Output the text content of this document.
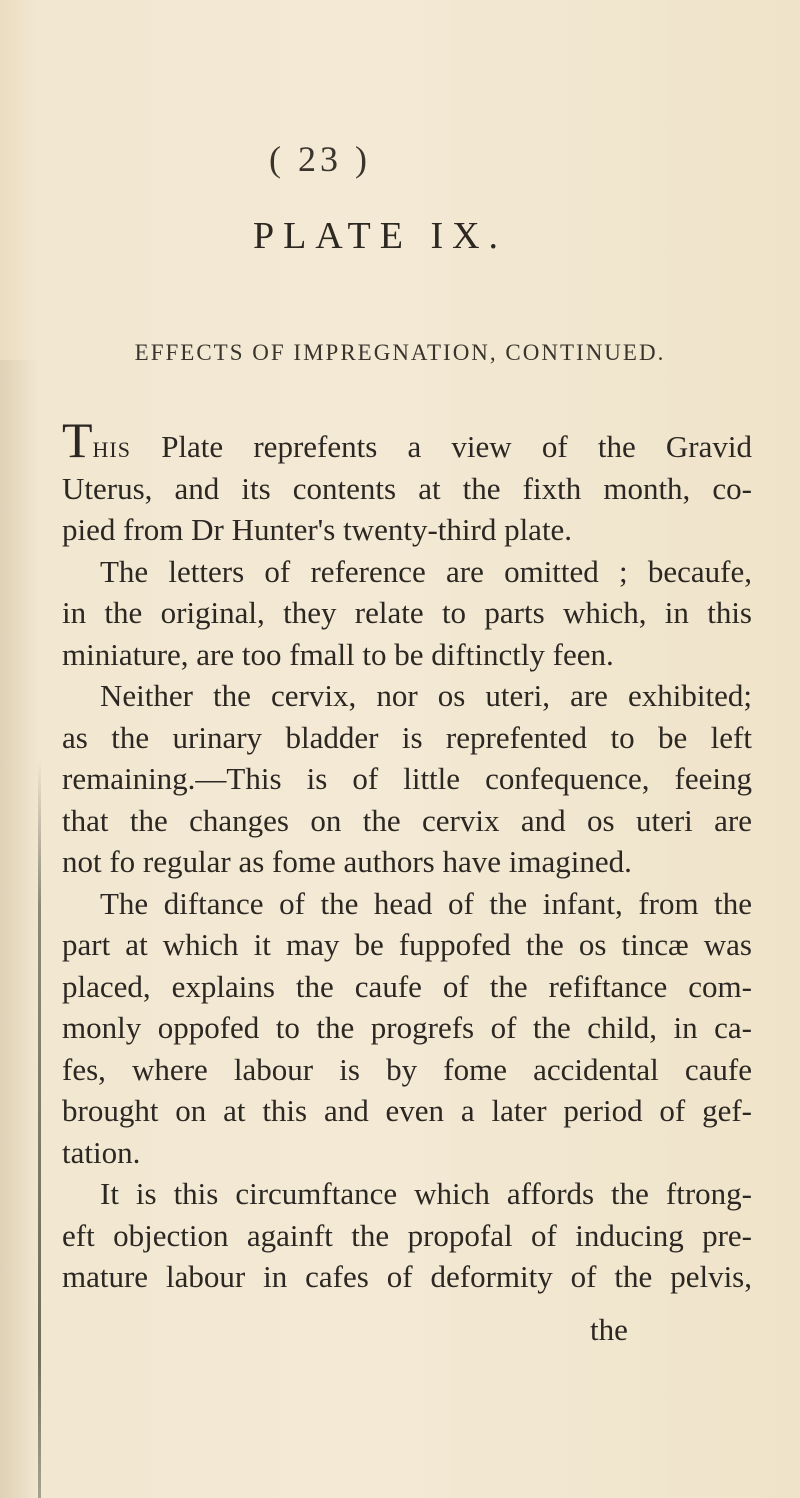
( 23 )
PLATE IX.
EFFECTS OF IMPREGNATION, CONTINUED.
This Plate reprefents a view of the Gravid
Uterus, and its contents at the fixth month, co-
pied from Dr Hunter's twenty-third plate.
The letters of reference are omitted ; becaufe,
in the original, they relate to parts which, in this
miniature, are too fmall to be diftinctly feen.
Neither the cervix, nor os uteri, are exhibited;
as the urinary bladder is reprefented to be left
remaining.—This is of little confequence, feeing
that the changes on the cervix and os uteri are
not fo regular as fome authors have imagined.
The diftance of the head of the infant, from the
part at which it may be fuppofed the os tincæ was
placed, explains the caufe of the refiftance com-
monly oppofed to the progrefs of the child, in ca-
fes, where labour is by fome accidental caufe
brought on at this and even a later period of gef-
tation.
It is this circumftance which affords the ftrong-
eft objection againft the propofal of inducing pre-
mature labour in cafes of deformity of the pelvis,
the
